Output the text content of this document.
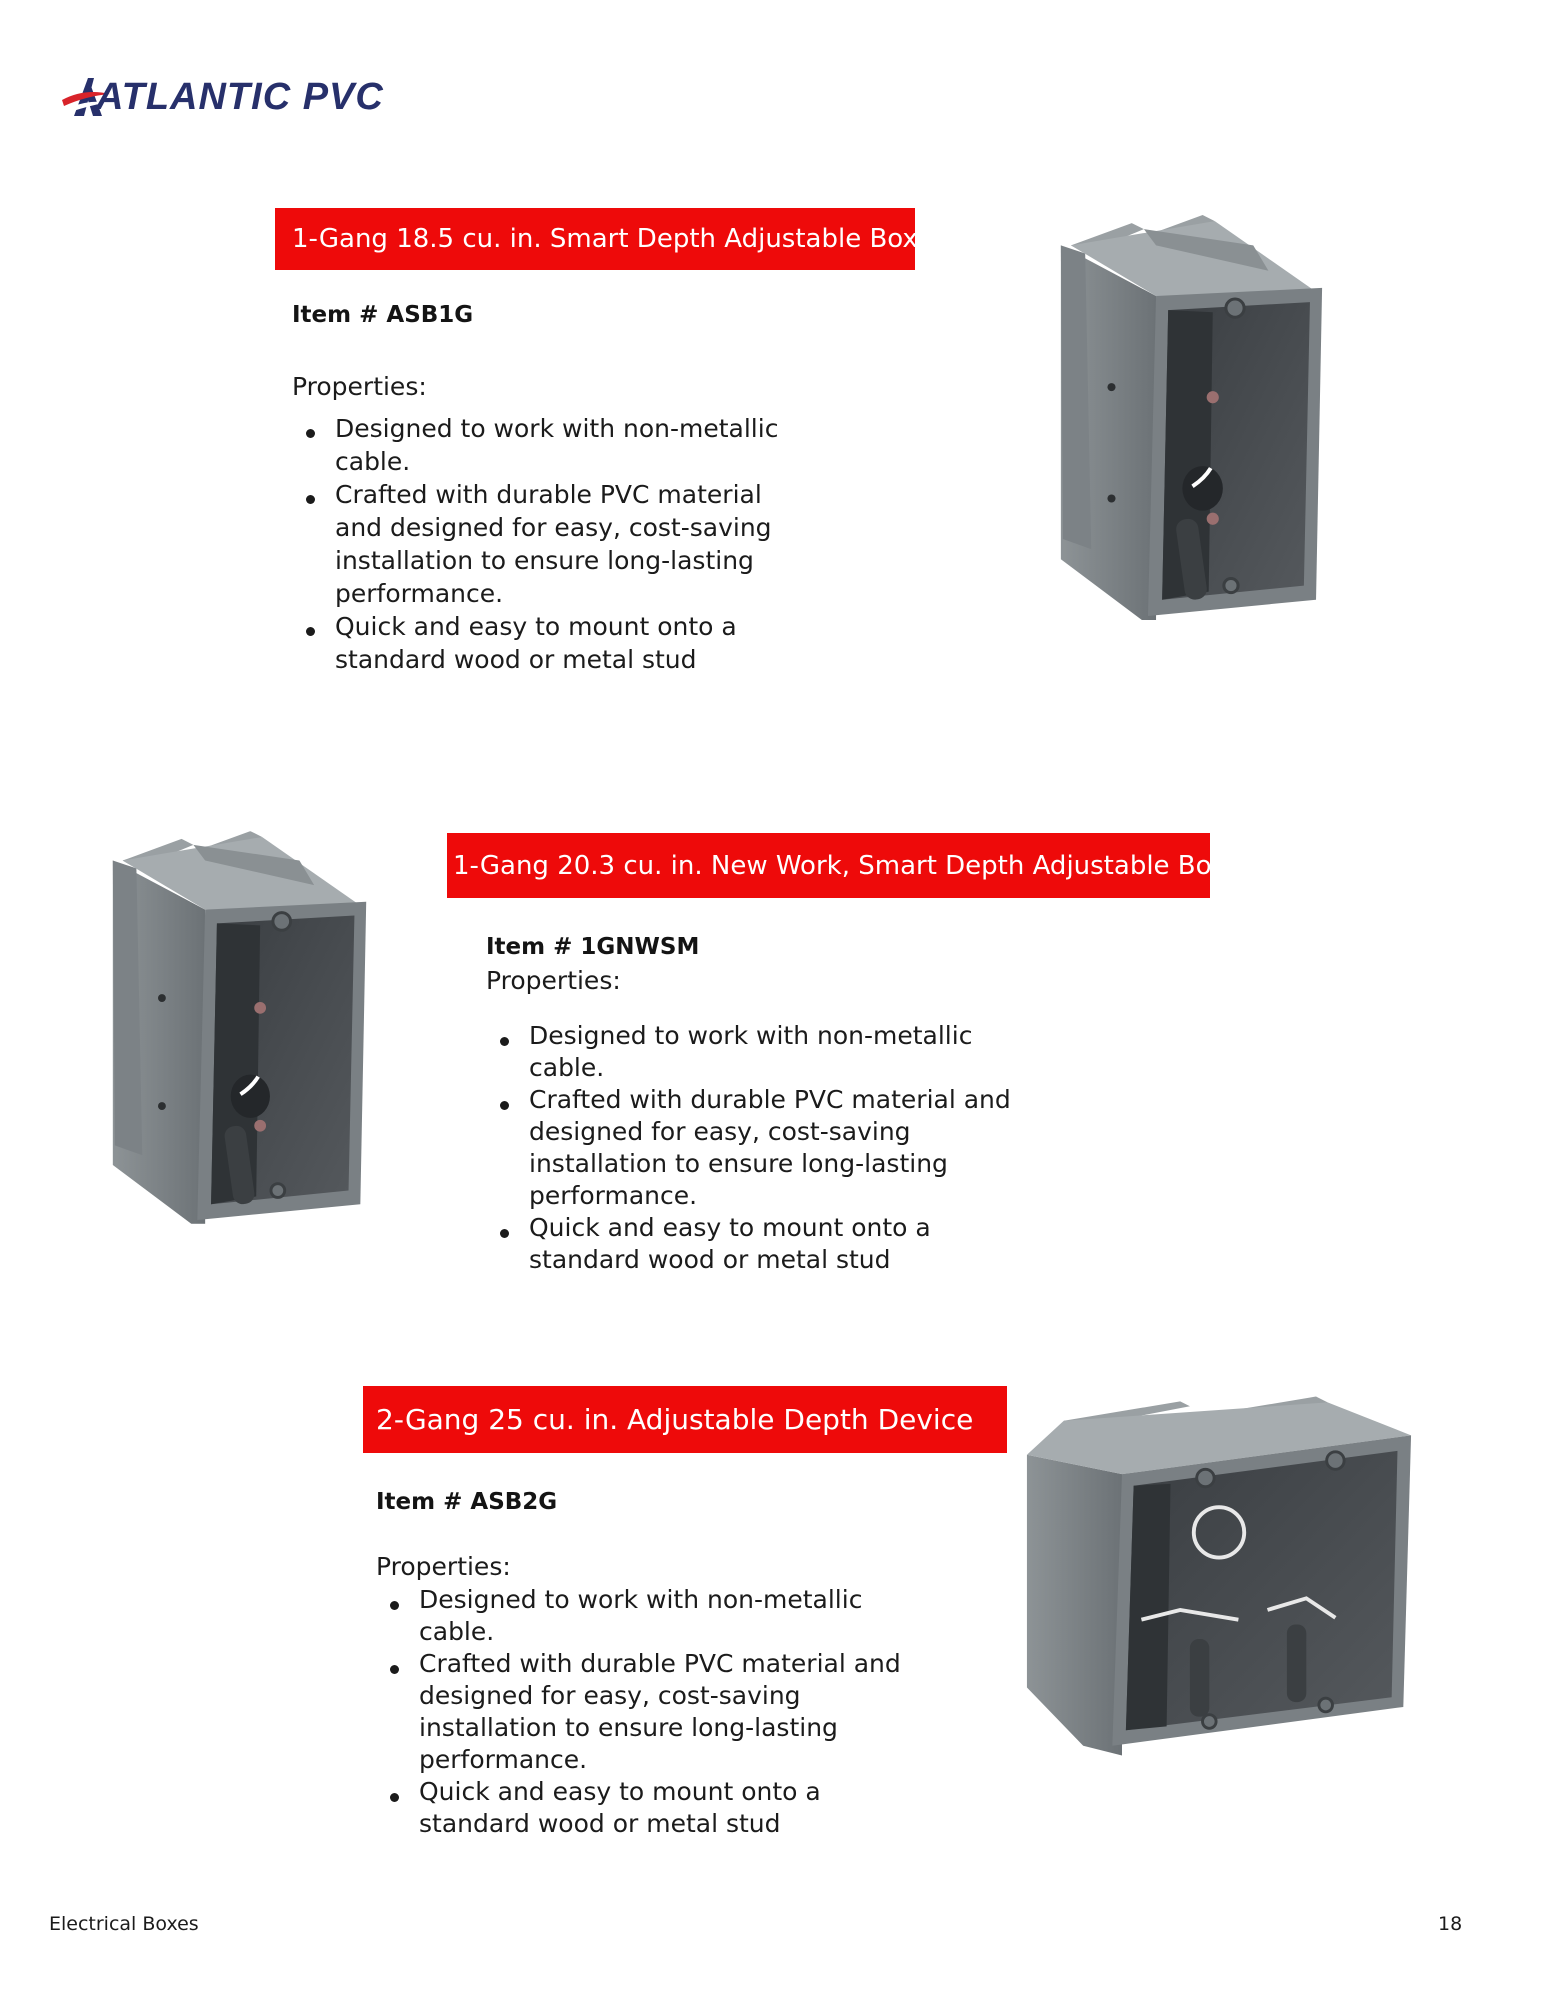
ATLANTIC PVC
1-Gang 18.5 cu. in. Smart Depth Adjustable Box
Item # ASB1G
Properties:
Designed to work with non-metallic cable.
Crafted with durable PVC material and designed for easy, cost-saving installation to ensure long-lasting performance.
Quick and easy to mount onto a standard wood or metal stud
1-Gang 20.3 cu. in. New Work, Smart Depth Adjustable Box
Item # 1GNWSM
Properties:
Designed to work with non-metallic cable.
Crafted with durable PVC material and designed for easy, cost-saving installation to ensure long-lasting performance.
Quick and easy to mount onto a standard wood or metal stud
2-Gang 25 cu. in. Adjustable Depth Device
Item # ASB2G
Properties:
Designed to work with non-metallic cable.
Crafted with durable PVC material and designed for easy, cost-saving installation to ensure long-lasting performance.
Quick and easy to mount onto a standard wood or metal stud
Electrical Boxes	18
